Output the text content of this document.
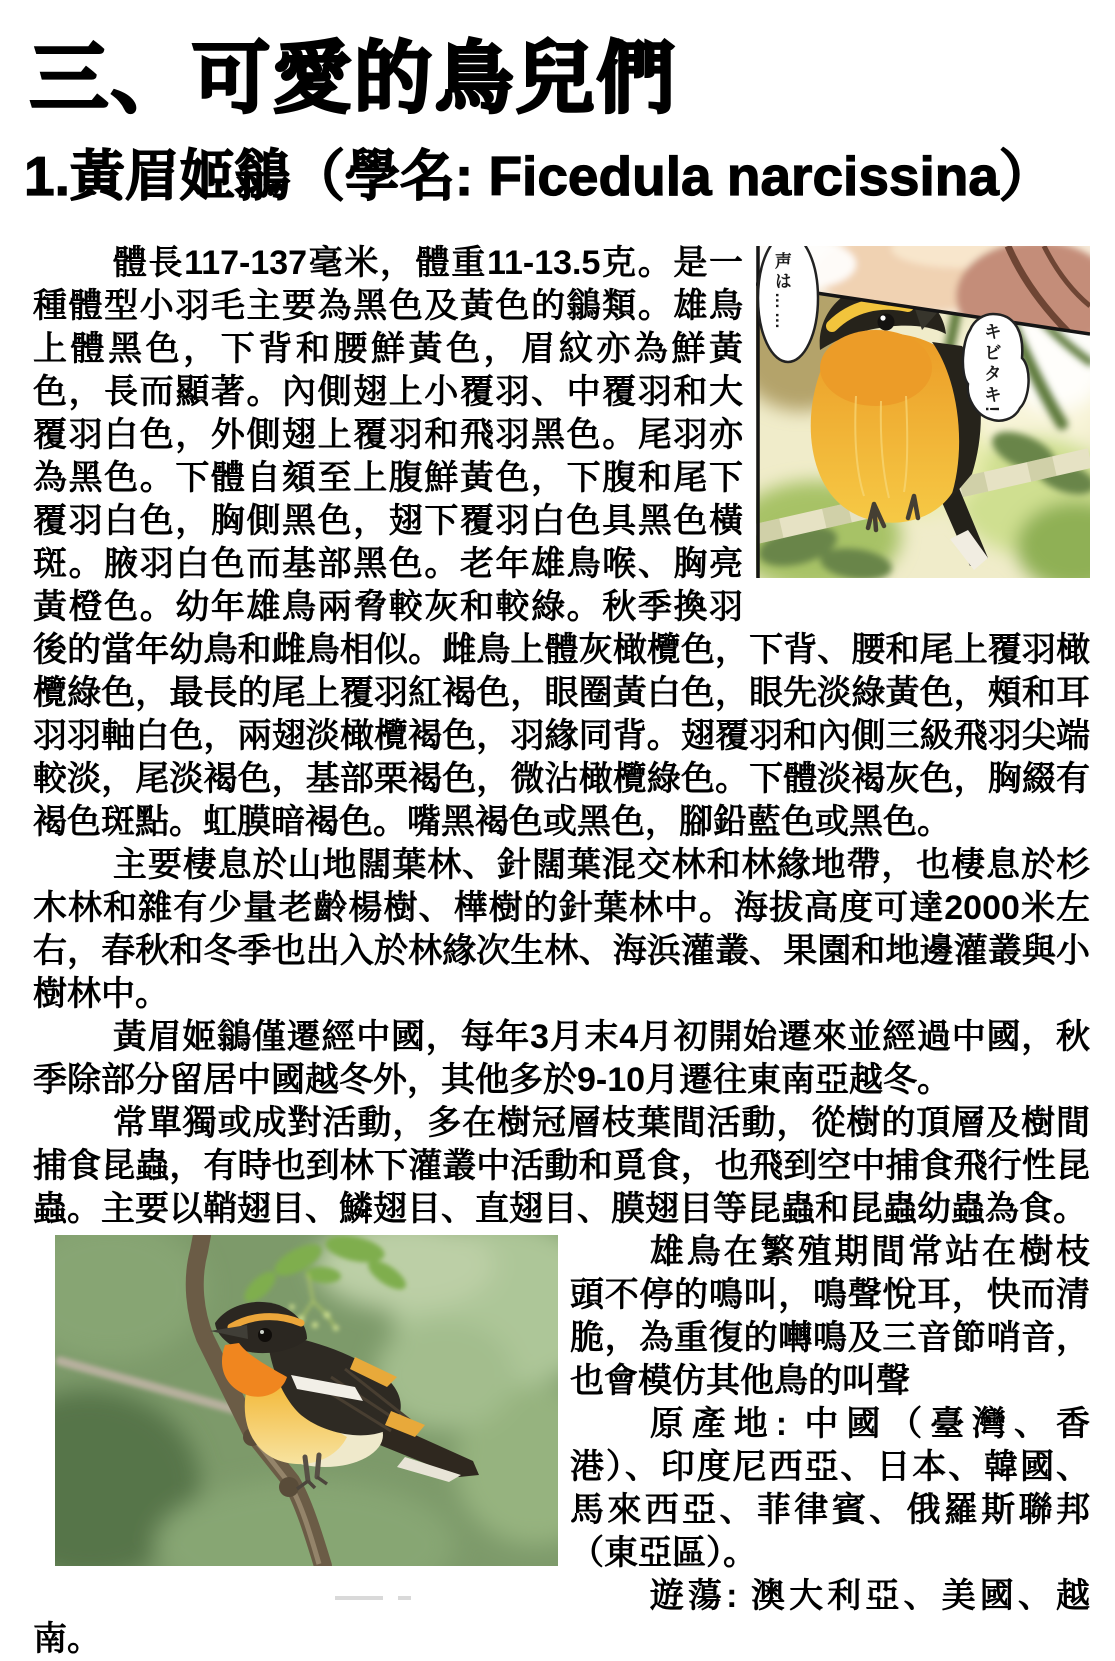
三、可愛的鳥兒們
1.黃眉姬鶲（學名: Ficedula narcissina）
声は……
キビタキ!

體長117-137毫米，體重11-13.5克。是一種體型小羽毛主要為黑色及黃色的鶲類。雄鳥上體黑色，下背和腰鮮黃色，眉紋亦為鮮黃色，長而顯著。內側翅上小覆羽、中覆羽和大覆羽白色，外側翅上覆羽和飛羽黑色。尾羽亦為黑色。下體自頦至上腹鮮黃色，下腹和尾下覆羽白色，胸側黑色，翅下覆羽白色具黑色橫斑。腋羽白色而基部黑色。老年雄鳥喉、胸亮黃橙色。幼年雄鳥兩脅較灰和較綠。秋季換羽後的當年幼鳥和雌鳥相似。雌鳥上體灰橄欖色，下背、腰和尾上覆羽橄欖綠色，最長的尾上覆羽紅褐色，眼圈黃白色，眼先淡綠黃色，頰和耳羽羽軸白色，兩翅淡橄欖褐色，羽緣同背。翅覆羽和內側三級飛羽尖端較淡，尾淡褐色，基部栗褐色，微沾橄欖綠色。下體淡褐灰色，胸綴有褐色斑點。虹膜暗褐色。嘴黑褐色或黑色，腳鉛藍色或黑色。

主要棲息於山地闊葉林、針闊葉混交林和林緣地帶，也棲息於杉木林和雜有少量老齡楊樹、樺樹的針葉林中。海拔高度可達2000米左右，春秋和冬季也出入於林緣次生林、海浜灌叢、果園和地邊灌叢與小樹林中。

黃眉姬鶲僅遷經中國，每年3月末4月初開始遷來並經過中國，秋季除部分留居中國越冬外，其他多於9-10月遷往東南亞越冬。

常單獨或成對活動，多在樹冠層枝葉間活動，從樹的頂層及樹間捕食昆蟲，有時也到林下灌叢中活動和覓食，也飛到空中捕食飛行性昆蟲。主要以鞘翅目、鱗翅目、直翅目、膜翅目等昆蟲和昆蟲幼蟲為食。

雄鳥在繁殖期間常站在樹枝頭不停的鳴叫，鳴聲悅耳，快而清脆，為重復的囀鳴及三音節哨音，也會模仿其他鳥的叫聲

原產地: 中國（臺灣、香港）、印度尼西亞、日本、韓國、馬來西亞、菲律賓、俄羅斯聯邦（東亞區）。

遊蕩: 澳大利亞、美國、越南。
